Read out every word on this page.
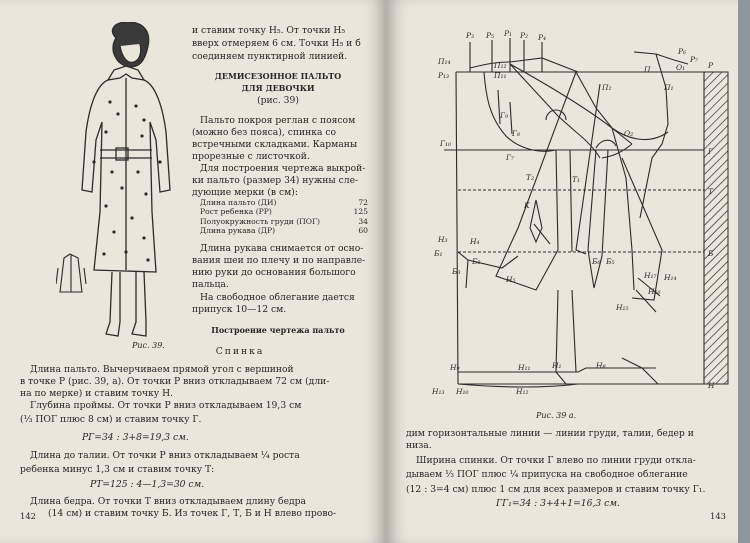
и ставим точку Н₅. От точки Н₅
вверх отмеряем 6 см. Точки Н₅ и б
соединяем пунктирной линией.
ДЕМИСЕЗОННОЕ ПАЛЬТО
ДЛЯ ДЕВОЧКИ
(рис. 39)
Пальто покроя реглан с поясом
(можно без пояса), спинка со
встречными складками. Карманы
прорезные с листочкой.
Для построения чертежа выкрой-
ки пальто (размер 34) нужны сле-
дующие мерки (в см):
Длина пальто (ДИ)	72
Рост ребенка (РР)	125
Полуокружность груди (ПОГ)	34
Длина рукава (ДР)	60
Длина рукава снимается от осно-
вания шеи по плечу и по направле-
нию руки до основания большого
пальца.
На свободное облегание дается
припуск 10—12 см.
Построение чертежа пальто
Рис. 39.
Спинка
Длина пальто. Вычерчиваем прямой угол с вершиной
в точке Р (рис. 39, а). От точки Р вниз откладываем 72 см (дли-
на по мерке) и ставим точку Н.
Глубина проймы. От точки Р вниз откладываем 19,3 см
(⅓ ПОГ плюс 8 см) и ставим точку Г.
РГ=34 : 3+8=19,3 см.
Длина до талии. От точки Р вниз откладываем ¼ роста
ребенка минус 1,3 см и ставим точку Т:
РТ=125 : 4—1,3=30 см.
Длина бедра. От точки Т вниз откладываем длину бедра
(14 см) и ставим точку Б. Из точек Г, Т, Б и Н влево прово-
142
Р₃ Р₅ Р₁ Р₂ Р₄
Р₆
Р₇
Р
П₁₄
Р₁₃
П₁₂
П₁₁
П₂
П	О₁
П₁
Г₉
Г₈
Г₁₀
Г₇
О₂
Г
Т₂	Т₁
Т
К
Н₃	Н₄
Б₁
Б₂
Б₃
Н₅
Б₆ Б₅
Б
Н₁₇ Н₁₄
Н₁₆
Н₁₅
Н₉	Н₁₁	Н₁	Н₈
Н
Н₁₃ Н₁₀	Н₁₂
Рис. 39 а.
дим горизонтальные линии — линии груди, талии, бедер и
низа.
Ширина спинки. От точки Г влево по линии груди откла-
дываем ⅓ ПОГ плюс ¼ припуска на свободное облегание
(12 : 3=4 см) плюс 1 см для всех размеров и ставим точку Г₁.
ГГ₁=34 : 3+4+1=16,3 см.
143
